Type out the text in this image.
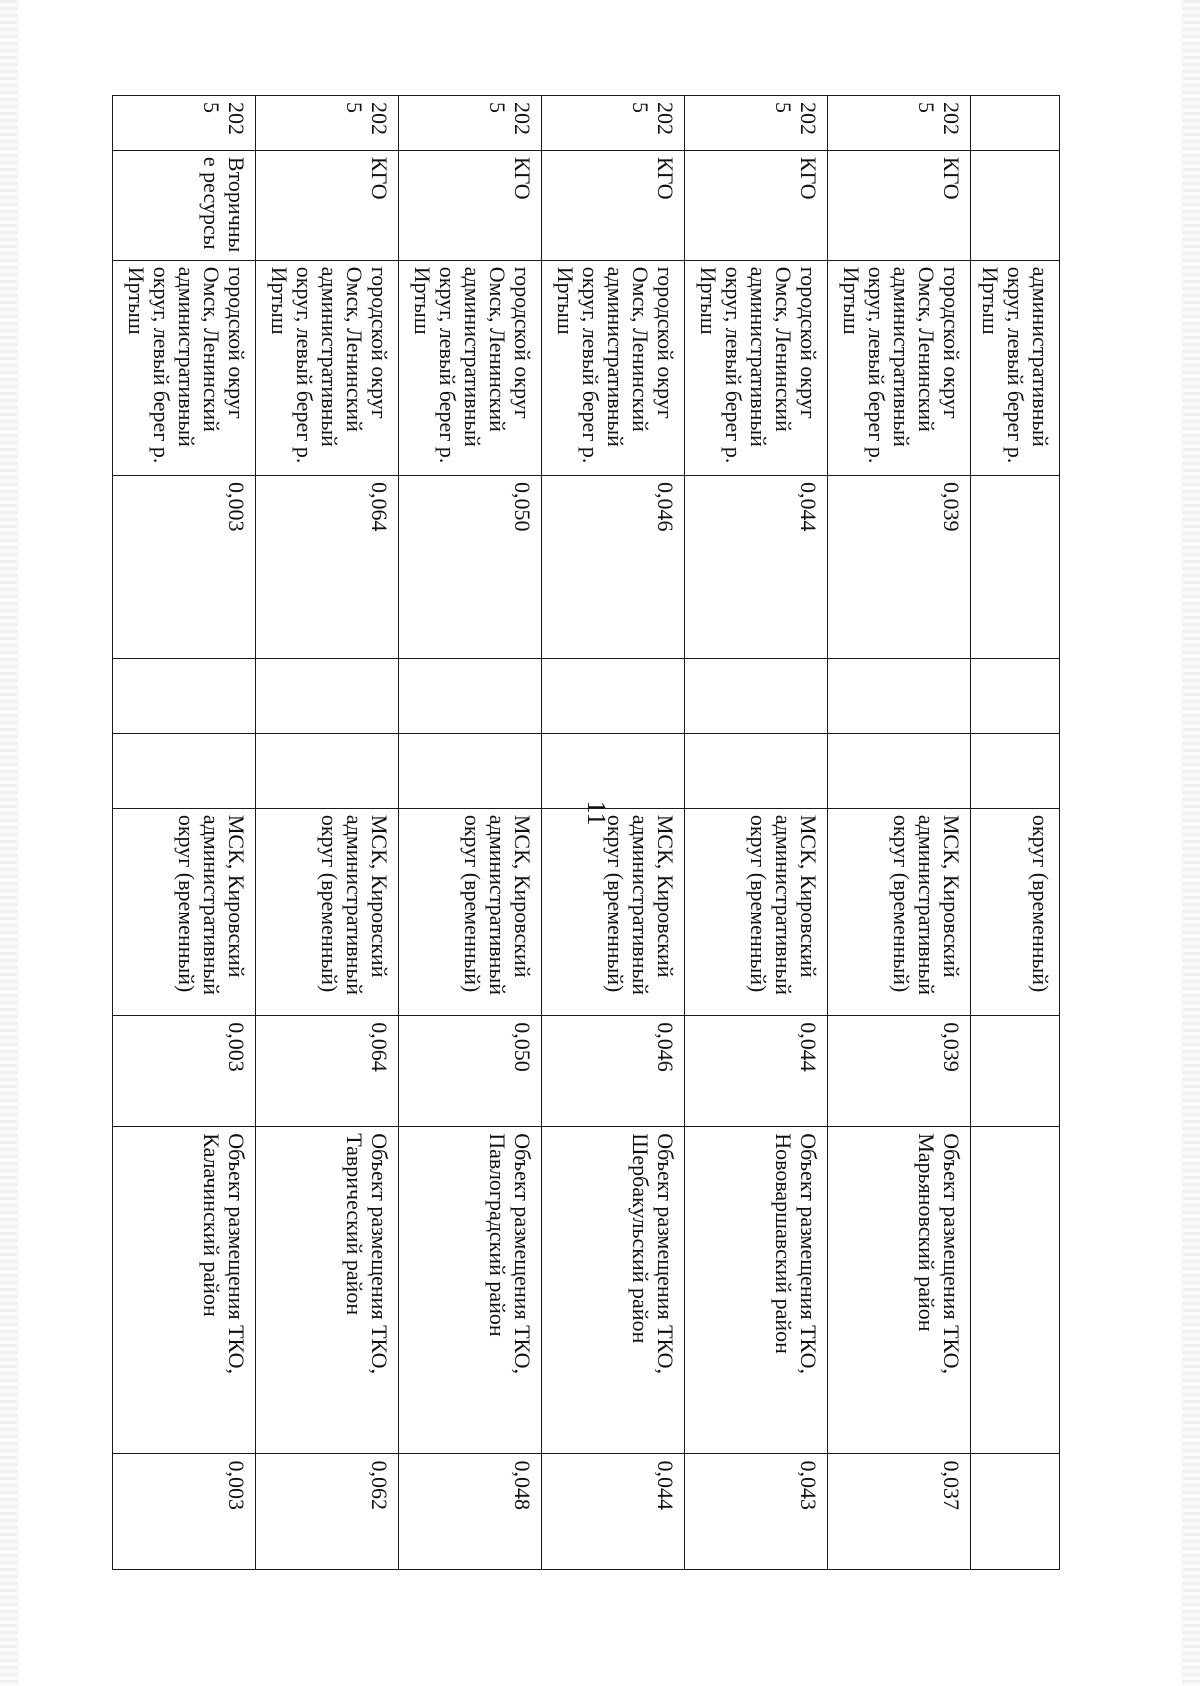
11
		административный округ, левый берег р. Иртыш				округ (временный)			
2025	КГО	городской округ Омск, Ленинский административный округ, левый берег р. Иртыш	0,039			МСК, Кировский административный округ (временный)	0,039	Объект размещения ТКО, Марьяновский район	0,037
2025	КГО	городской округ Омск, Ленинский административный округ, левый берег р. Иртыш	0,044			МСК, Кировский административный округ (временный)	0,044	Объект размещения ТКО, Нововаршавский район	0,043
2025	КГО	городской округ Омск, Ленинский административный округ, левый берег р. Иртыш	0,046			МСК, Кировский административный округ (временный)	0,046	Объект размещения ТКО, Шербакульский район	0,044
2025	КГО	городской округ Омск, Ленинский административный округ, левый берег р. Иртыш	0,050			МСК, Кировский административный округ (временный)	0,050	Объект размещения ТКО, Павлоградский район	0,048
2025	КГО	городской округ Омск, Ленинский административный округ, левый берег р. Иртыш	0,064			МСК, Кировский административный округ (временный)	0,064	Объект размещения ТКО, Таврический район	0,062
2025	Вторичные ресурсы	городской округ Омск, Ленинский административный округ, левый берег р. Иртыш	0,003			МСК, Кировский административный округ (временный)	0,003	Объект размещения ТКО, Калачинский район	0,003
